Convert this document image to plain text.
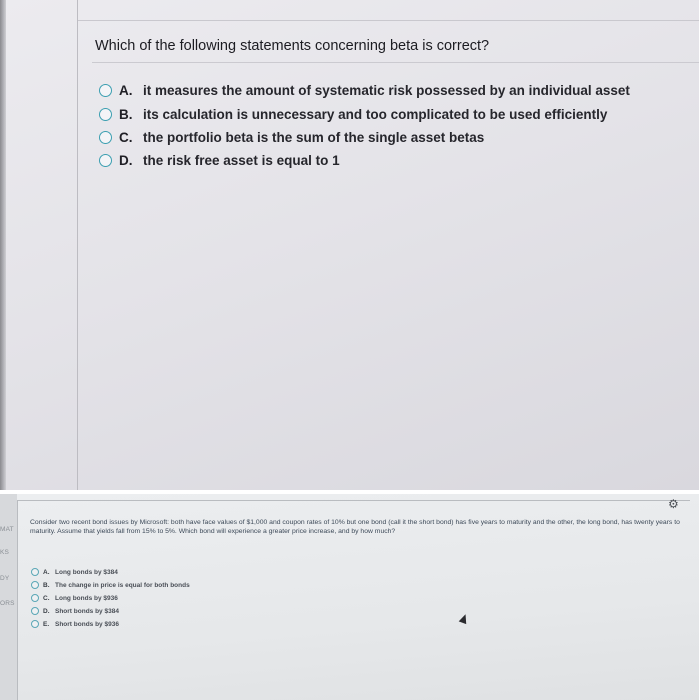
Which of the following statements concerning beta is correct?
A. it measures the amount of systematic risk possessed by an individual asset
B. its calculation is unnecessary and too complicated to be used efficiently
C. the portfolio beta is the sum of the single asset betas
D. the risk free asset is equal to 1
MAT
KS
DY
ORS
⚙
Consider two recent bond issues by Microsoft: both have face values of $1,000 and coupon rates of 10% but one bond (call it the short bond) has five years to maturity and the other, the long bond, has twenty years to maturity. Assume that yields fall from 15% to 5%. Which bond will experience a greater price increase, and by how much?
A. Long bonds by $384
B. The change in price is equal for both bonds
C. Long bonds by $936
D. Short bonds by $384
E. Short bonds by $936
